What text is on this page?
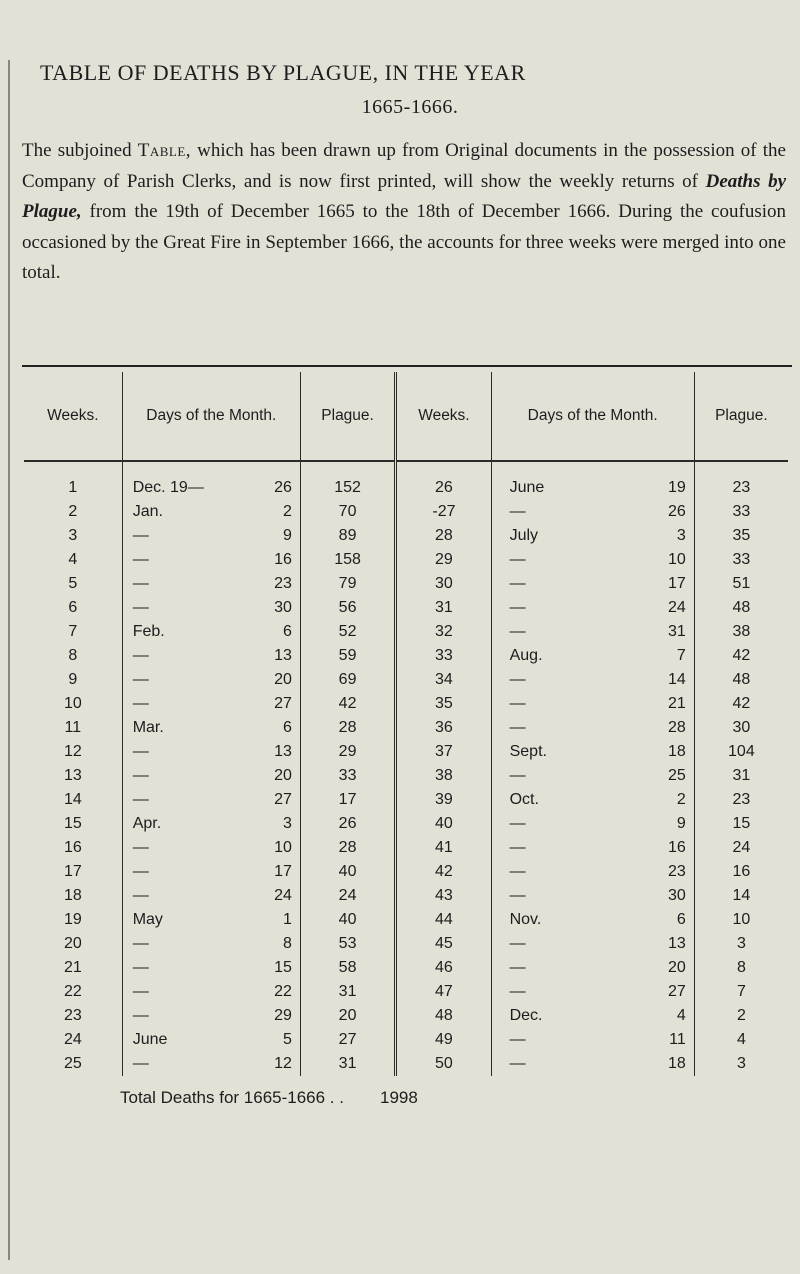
TABLE OF DEATHS BY PLAGUE, IN THE YEAR
1665-1666.
The subjoined Table, which has been drawn up from Original documents in the possession of the Company of Parish Clerks, and is now first printed, will show the weekly returns of Deaths by Plague, from the 19th of December 1665 to the 18th of December 1666. During the coufusion occasioned by the Great Fire in September 1666, the accounts for three weeks were merged into one total.
Weeks.	Days of the Month.		Plague.	Weeks.	Days of the Month.		Plague.
1	Dec. 19—	26	152	26	June	19	23
2	Jan.	2	70	-27	—	26	33
3	—	9	89	28	July	3	35
4	—	16	158	29	—	10	33
5	—	23	79	30	—	17	51
6	—	30	56	31	—	24	48
7	Feb.	6	52	32	—	31	38
8	—	13	59	33	Aug.	7	42
9	—	20	69	34	—	14	48
10	—	27	42	35	—	21	42
11	Mar.	6	28	36	—	28	30
12	—	13	29	37	Sept.	18	104
13	—	20	33	38	—	25	31
14	—	27	17	39	Oct.	2	23
15	Apr.	3	26	40	—	9	15
16	—	10	28	41	—	16	24
17	—	17	40	42	—	23	16
18	—	24	24	43	—	30	14
19	May	1	40	44	Nov.	6	10
20	—	8	53	45	—	13	3
21	—	15	58	46	—	20	8
22	—	22	31	47	—	27	7
23	—	29	20	48	Dec.	4	2
24	June	5	27	49	—	11	4
25	—	12	31	50	—	18	3
Total Deaths for 1665-1666 . . 1998
